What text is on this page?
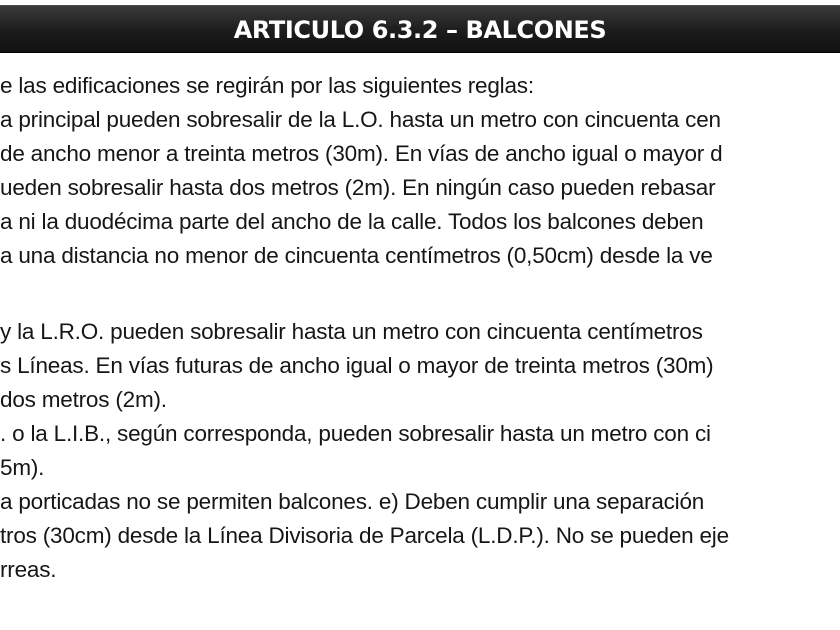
ARTICULO 6.3.2 – BALCONES
e las edificaciones se regirán por las siguientes reglas:
a principal pueden sobresalir de la L.O. hasta un metro con cincuenta cen
de ancho menor a treinta metros (30m). En vías de ancho igual o mayor d
ueden sobresalir hasta dos metros (2m). En ningún caso pueden rebasar
a ni la duodécima parte del ancho de la calle. Todos los balcones deben
a una distancia no menor de cincuenta centímetros (0,50cm) desde la ve
y la L.R.O. pueden sobresalir hasta un metro con cincuenta centímetros
s Líneas. En vías futuras de ancho igual o mayor de treinta metros (30m)
dos metros (2m).
. o la L.I.B., según corresponda, pueden sobresalir hasta un metro con ci
5m).
a porticadas no se permiten balcones. e) Deben cumplir una separación
tros (30cm) desde la Línea Divisoria de Parcela (L.D.P.). No se pueden eje
rreas.
